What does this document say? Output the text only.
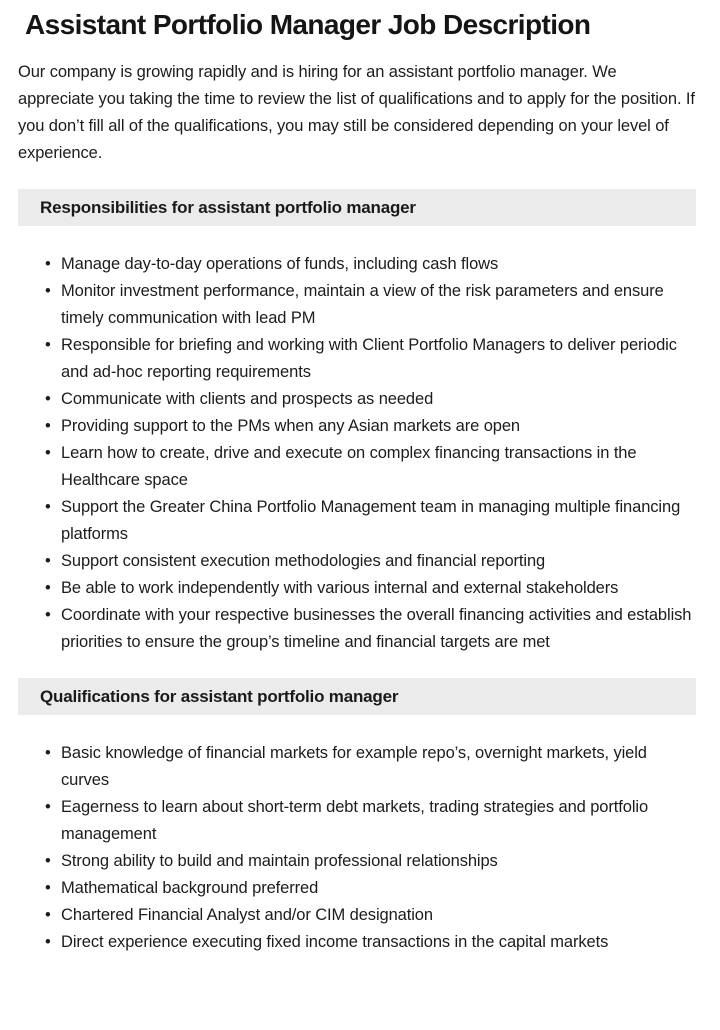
Assistant Portfolio Manager Job Description

Our company is growing rapidly and is hiring for an assistant portfolio manager. We appreciate you taking the time to review the list of qualifications and to apply for the position. If you don’t fill all of the qualifications, you may still be considered depending on your level of experience.

Responsibilities for assistant portfolio manager
• Manage day-to-day operations of funds, including cash flows
• Monitor investment performance, maintain a view of the risk parameters and ensure timely communication with lead PM
• Responsible for briefing and working with Client Portfolio Managers to deliver periodic and ad-hoc reporting requirements
• Communicate with clients and prospects as needed
• Providing support to the PMs when any Asian markets are open
• Learn how to create, drive and execute on complex financing transactions in the Healthcare space
• Support the Greater China Portfolio Management team in managing multiple financing platforms
• Support consistent execution methodologies and financial reporting
• Be able to work independently with various internal and external stakeholders
• Coordinate with your respective businesses the overall financing activities and establish priorities to ensure the group’s timeline and financial targets are met
Qualifications for assistant portfolio manager
• Basic knowledge of financial markets for example repo’s, overnight markets, yield curves
• Eagerness to learn about short-term debt markets, trading strategies and portfolio management
• Strong ability to build and maintain professional relationships
• Mathematical background preferred
• Chartered Financial Analyst and/or CIM designation
• Direct experience executing fixed income transactions in the capital markets
